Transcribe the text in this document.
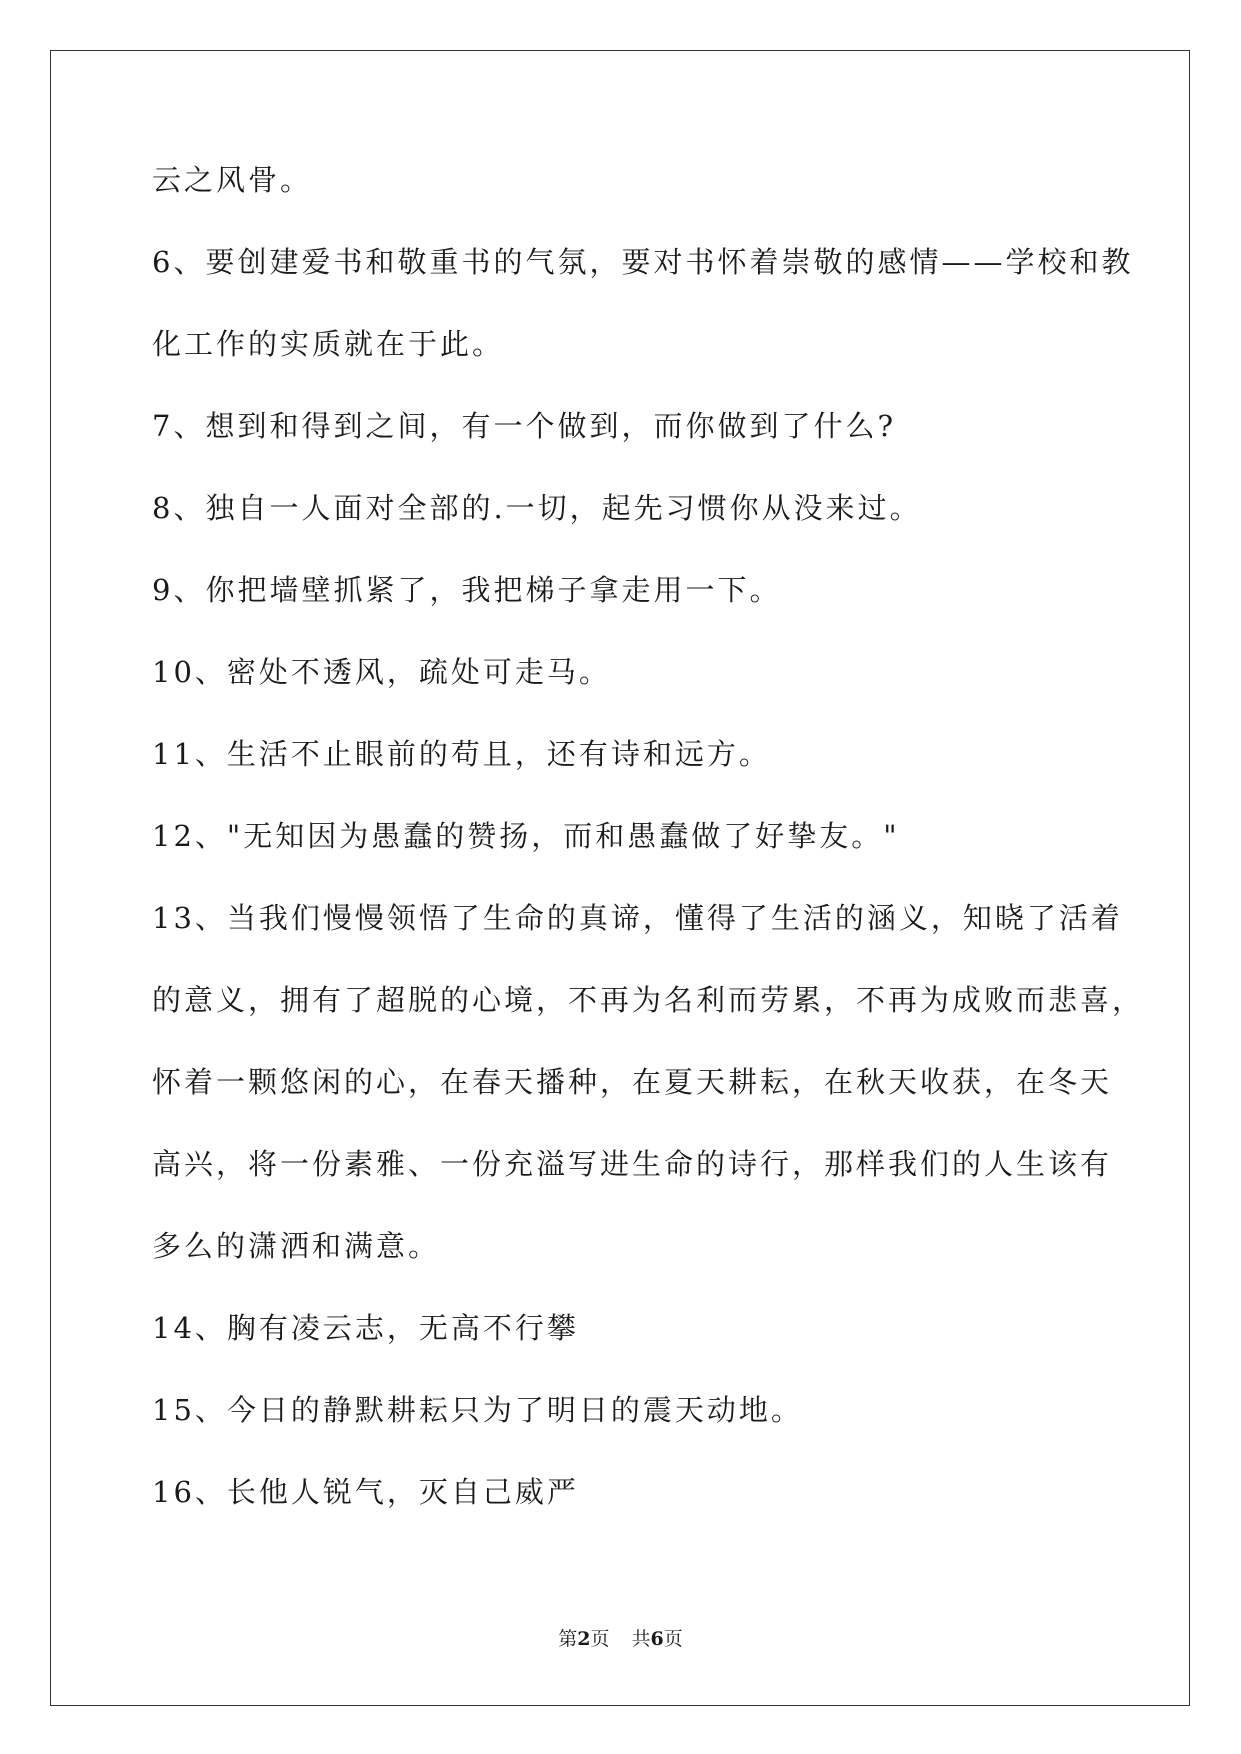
云之风骨。
6、要创建爱书和敬重书的气氛，要对书怀着崇敬的感情——学校和教
化工作的实质就在于此。
7、想到和得到之间，有一个做到，而你做到了什么?
8、独自一人面对全部的.一切，起先习惯你从没来过。
9、你把墙壁抓紧了，我把梯子拿走用一下。
10、密处不透风，疏处可走马。
11、生活不止眼前的苟且，还有诗和远方。
12、"无知因为愚蠢的赞扬，而和愚蠢做了好挚友。"
13、当我们慢慢领悟了生命的真谛，懂得了生活的涵义，知晓了活着
的意义，拥有了超脱的心境，不再为名利而劳累，不再为成败而悲喜，
怀着一颗悠闲的心，在春天播种，在夏天耕耘，在秋天收获，在冬天
高兴，将一份素雅、一份充溢写进生命的诗行，那样我们的人生该有
多么的潇洒和满意。
14、胸有凌云志，无高不行攀
15、今日的静默耕耘只为了明日的震天动地。
16、长他人锐气，灭自己威严
第2页 共6页
